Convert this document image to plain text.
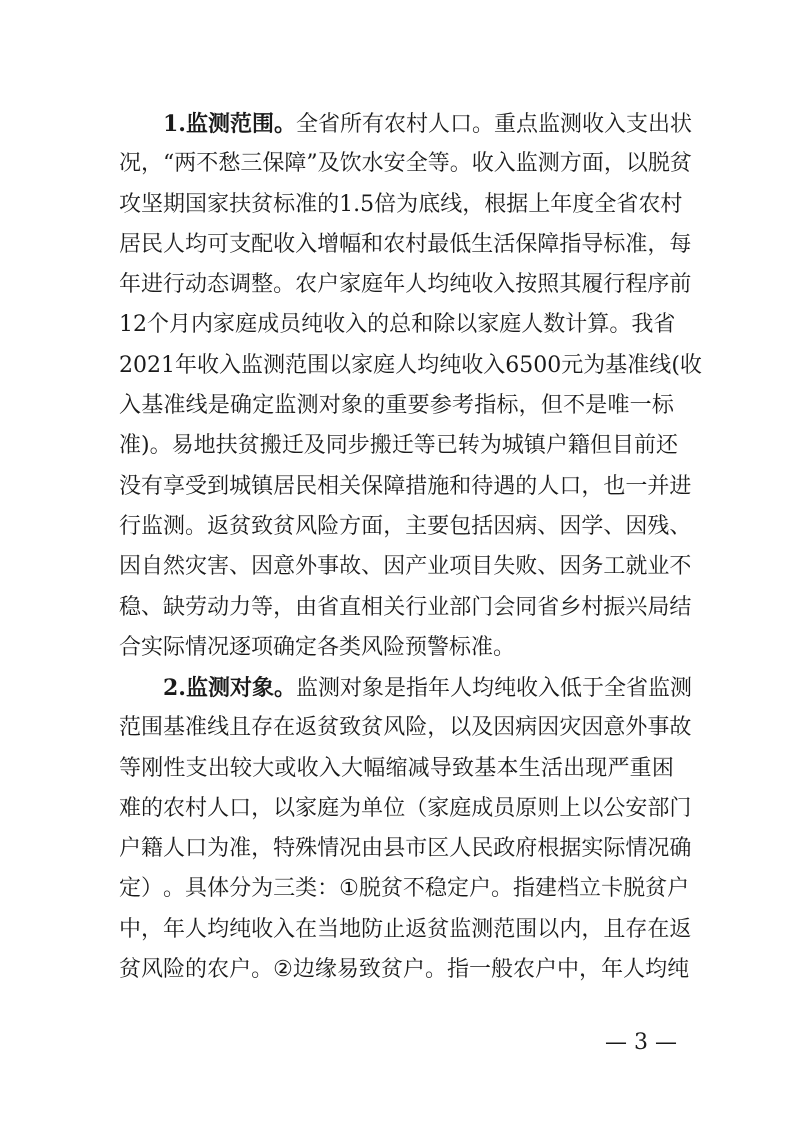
1.监测范围。全省所有农村人口。重点监测收入支出状
况 ， “ 两 不 愁 三 保 障 ” 及 饮 水 安 全 等 。 收 入 监 测 方 面 ， 以 脱 贫
攻 坚 期 国 家 扶 贫 标 准 的 1 . 5 倍 为 底 线 ， 根 据 上 年 度 全 省 农 村
居 民 人 均 可 支 配 收 入 增 幅 和 农 村 最 低 生 活 保 障 指 导 标 准 ， 每
年 进 行 动 态 调 整 。 农 户 家 庭 年 人 均 纯 收 入 按 照 其 履 行 程 序 前
1 2 个 月 内 家 庭 成 员 纯 收 入 的 总 和 除 以 家 庭 人 数 计 算 。 我 省
2 0 2 1 年 收 入 监 测 范 围 以 家 庭 人 均 纯 收 入 6 5 0 0 元 为 基 准 线 ( 收
入 基 准 线 是 确 定 监 测 对 象 的 重 要 参 考 指 标 ， 但 不 是 唯 一 标
准 ) 。 易 地 扶 贫 搬 迁 及 同 步 搬 迁 等 已 转 为 城 镇 户 籍 但 目 前 还
没 有 享 受 到 城 镇 居 民 相 关 保 障 措 施 和 待 遇 的 人 口 ， 也 一 并 进
行 监 测 。 返 贫 致 贫 风 险 方 面 ， 主 要 包 括 因 病 、 因 学 、 因 残 、
因 自 然 灾 害 、 因 意 外 事 故 、 因 产 业 项 目 失 败 、 因 务 工 就 业 不
稳 、 缺 劳 动 力 等 ， 由 省 直 相 关 行 业 部 门 会 同 省 乡 村 振 兴 局 结
合实际情况逐项确定各类风险预警标准。
2.监测对象。监测对象是指年人均纯收入低于全省监测
范 围 基 准 线 且 存 在 返 贫 致 贫 风 险 ， 以 及 因 病 因 灾 因 意 外 事 故
等 刚 性 支 出 较 大 或 收 入 大 幅 缩 减 导 致 基 本 生 活 出 现 严 重 困
难 的 农 村 人 口 ， 以 家 庭 为 单 位 （ 家 庭 成 员 原 则 上 以 公 安 部 门
户 籍 人 口 为 准 ， 特 殊 情 况 由 县 市 区 人 民 政 府 根 据 实 际 情 况 确
定 ） 。 具 体 分 为 三 类 ： ① 脱 贫 不 稳 定 户 。 指 建 档 立 卡 脱 贫 户
中 ， 年 人 均 纯 收 入 在 当 地 防 止 返 贫 监 测 范 围 以 内 ， 且 存 在 返
贫 风 险 的 农 户 。 ② 边 缘 易 致 贫 户 。 指 一 般 农 户 中 ， 年 人 均 纯
— 3 —
